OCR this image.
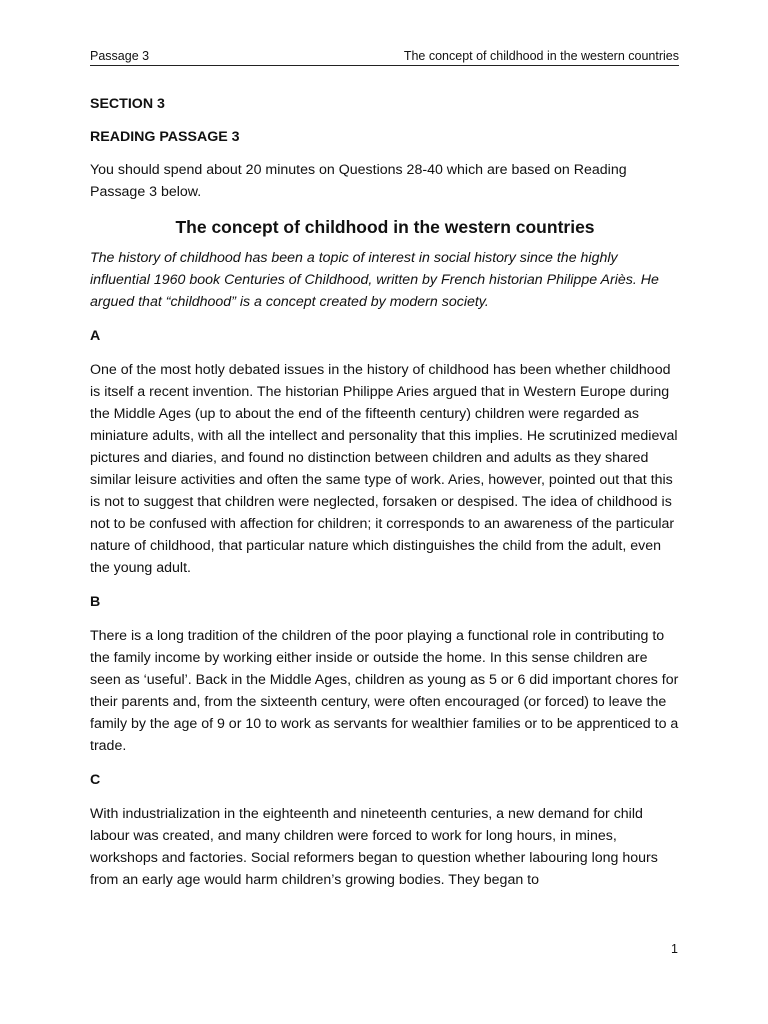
Passage 3	The concept of childhood in the western countries
SECTION 3
READING PASSAGE 3
You should spend about 20 minutes on Questions 28-40 which are based on Reading Passage 3 below.
The concept of childhood in the western countries
The history of childhood has been a topic of interest in social history since the highly influential 1960 book Centuries of Childhood, written by French historian Philippe Ariès. He argued that “childhood” is a concept created by modern society.
A
One of the most hotly debated issues in the history of childhood has been whether childhood is itself a recent invention. The historian Philippe Aries argued that in Western Europe during the Middle Ages (up to about the end of the fifteenth century) children were regarded as miniature adults, with all the intellect and personality that this implies. He scrutinized medieval pictures and diaries, and found no distinction between children and adults as they shared similar leisure activities and often the same type of work. Aries, however, pointed out that this is not to suggest that children were neglected, forsaken or despised. The idea of childhood is not to be confused with affection for children; it corresponds to an awareness of the particular nature of childhood, that particular nature which distinguishes the child from the adult, even the young adult.
B
There is a long tradition of the children of the poor playing a functional role in contributing to the family income by working either inside or outside the home. In this sense children are seen as ‘useful’. Back in the Middle Ages, children as young as 5 or 6 did important chores for their parents and, from the sixteenth century, were often encouraged (or forced) to leave the family by the age of 9 or 10 to work as servants for wealthier families or to be apprenticed to a trade.
C
With industrialization in the eighteenth and nineteenth centuries, a new demand for child labour was created, and many children were forced to work for long hours, in mines, workshops and factories. Social reformers began to question whether labouring long hours from an early age would harm children’s growing bodies. They began to
1
